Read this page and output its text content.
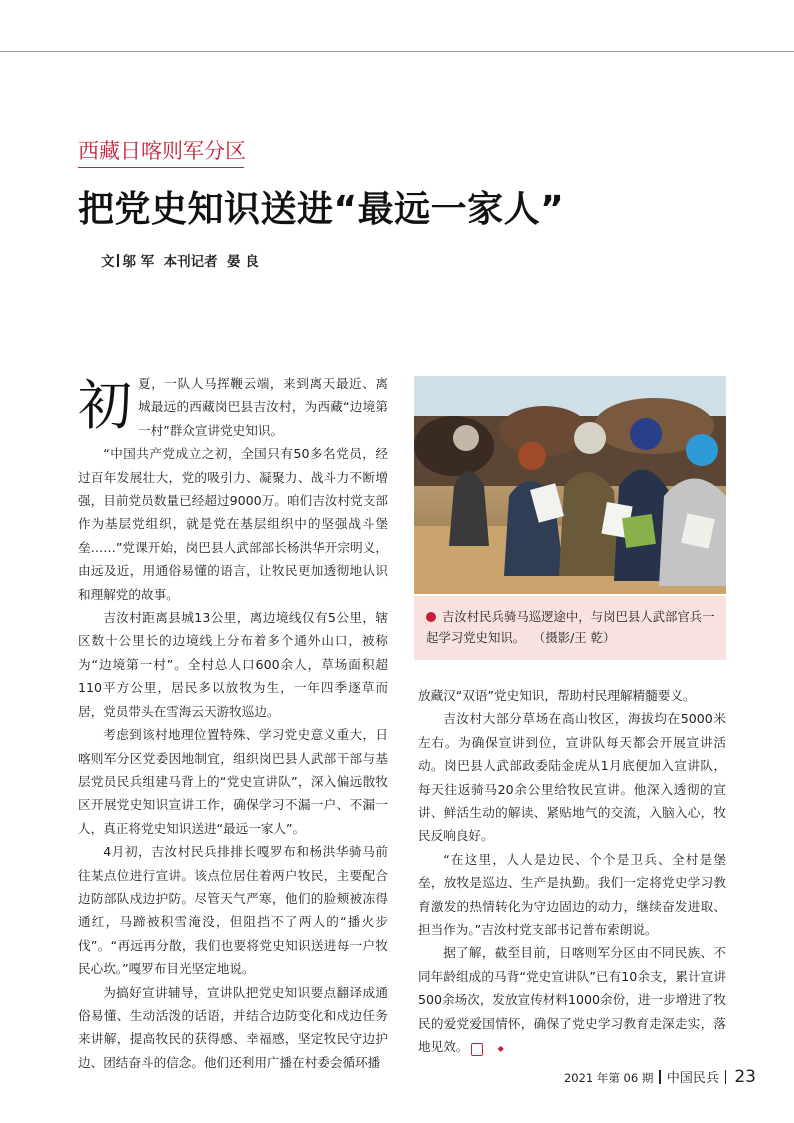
西藏日喀则军分区
把党史知识送进“最远一家人”
文 邬 军  本刊记者  晏 良

初夏，一队人马挥鞭云端，来到离天最近、离城最远的西藏岗巴县吉汝村，为西藏“边境第一村”群众宣讲党史知识。

“中国共产党成立之初，全国只有50多名党员，经过百年发展壮大，党的吸引力、凝聚力、战斗力不断增强，目前党员数量已经超过9000万。咱们吉汝村党支部作为基层党组织，就是党在基层组织中的坚强战斗堡垒……”党课开始，岗巴县人武部部长杨洪华开宗明义，由远及近，用通俗易懂的语言，让牧民更加透彻地认识和理解党的故事。

吉汝村距离县城13公里，离边境线仅有5公里，辖区数十公里长的边境线上分布着多个通外山口，被称为“边境第一村”。全村总人口600余人，草场面积超110平方公里，居民多以放牧为生，一年四季逐草而居，党员带头在雪海云天游牧巡边。

考虑到该村地理位置特殊、学习党史意义重大，日喀则军分区党委因地制宜，组织岗巴县人武部干部与基层党员民兵组建马背上的“党史宣讲队”，深入偏远散牧区开展党史知识宣讲工作，确保学习不漏一户、不漏一人，真正将党史知识送进“最远一家人”。

4月初，吉汝村民兵排排长嘎罗布和杨洪华骑马前往某点位进行宣讲。该点位居住着两户牧民，主要配合边防部队戍边护防。尽管天气严寒，他们的脸颊被冻得通红，马蹄被积雪淹没，但阻挡不了两人的“播火步伐”。“再远再分散，我们也要将党史知识送进每一户牧民心坎。”嘎罗布目光坚定地说。

为搞好宣讲辅导，宣讲队把党史知识要点翻译成通俗易懂、生动活泼的话语，并结合边防变化和戍边任务来讲解，提高牧民的获得感、幸福感，坚定牧民守边护边、团结奋斗的信念。他们还利用广播在村委会循环播

吉汝村民兵骑马巡逻途中，与岗巴县人武部官兵一起学习党史知识。 （摄影/王 乾）

放藏汉“双语”党史知识，帮助村民理解精髓要义。

吉汝村大部分草场在高山牧区，海拔均在5000米左右。为确保宣讲到位，宣讲队每天都会开展宣讲活动。岗巴县人武部政委陆金虎从1月底便加入宣讲队，每天往返骑马20余公里给牧民宣讲。他深入透彻的宣讲、鲜活生动的解读、紧贴地气的交流，入脑入心，牧民反响良好。

“在这里，人人是边民、个个是卫兵、全村是堡垒，放牧是巡边、生产是执勤。我们一定将党史学习教育激发的热情转化为守边固边的动力，继续奋发进取、担当作为。”吉汝村党支部书记普布索朗说。

据了解，截至目前，日喀则军分区由不同民族、不同年龄组成的马背“党史宣讲队”已有10余支，累计宣讲500余场次，发放宣传材料1000余份，进一步增进了牧民的爱党爱国情怀，确保了党史学习教育走深走实，落地见效。	◆

2021 年第 06 期 中国民兵 23
